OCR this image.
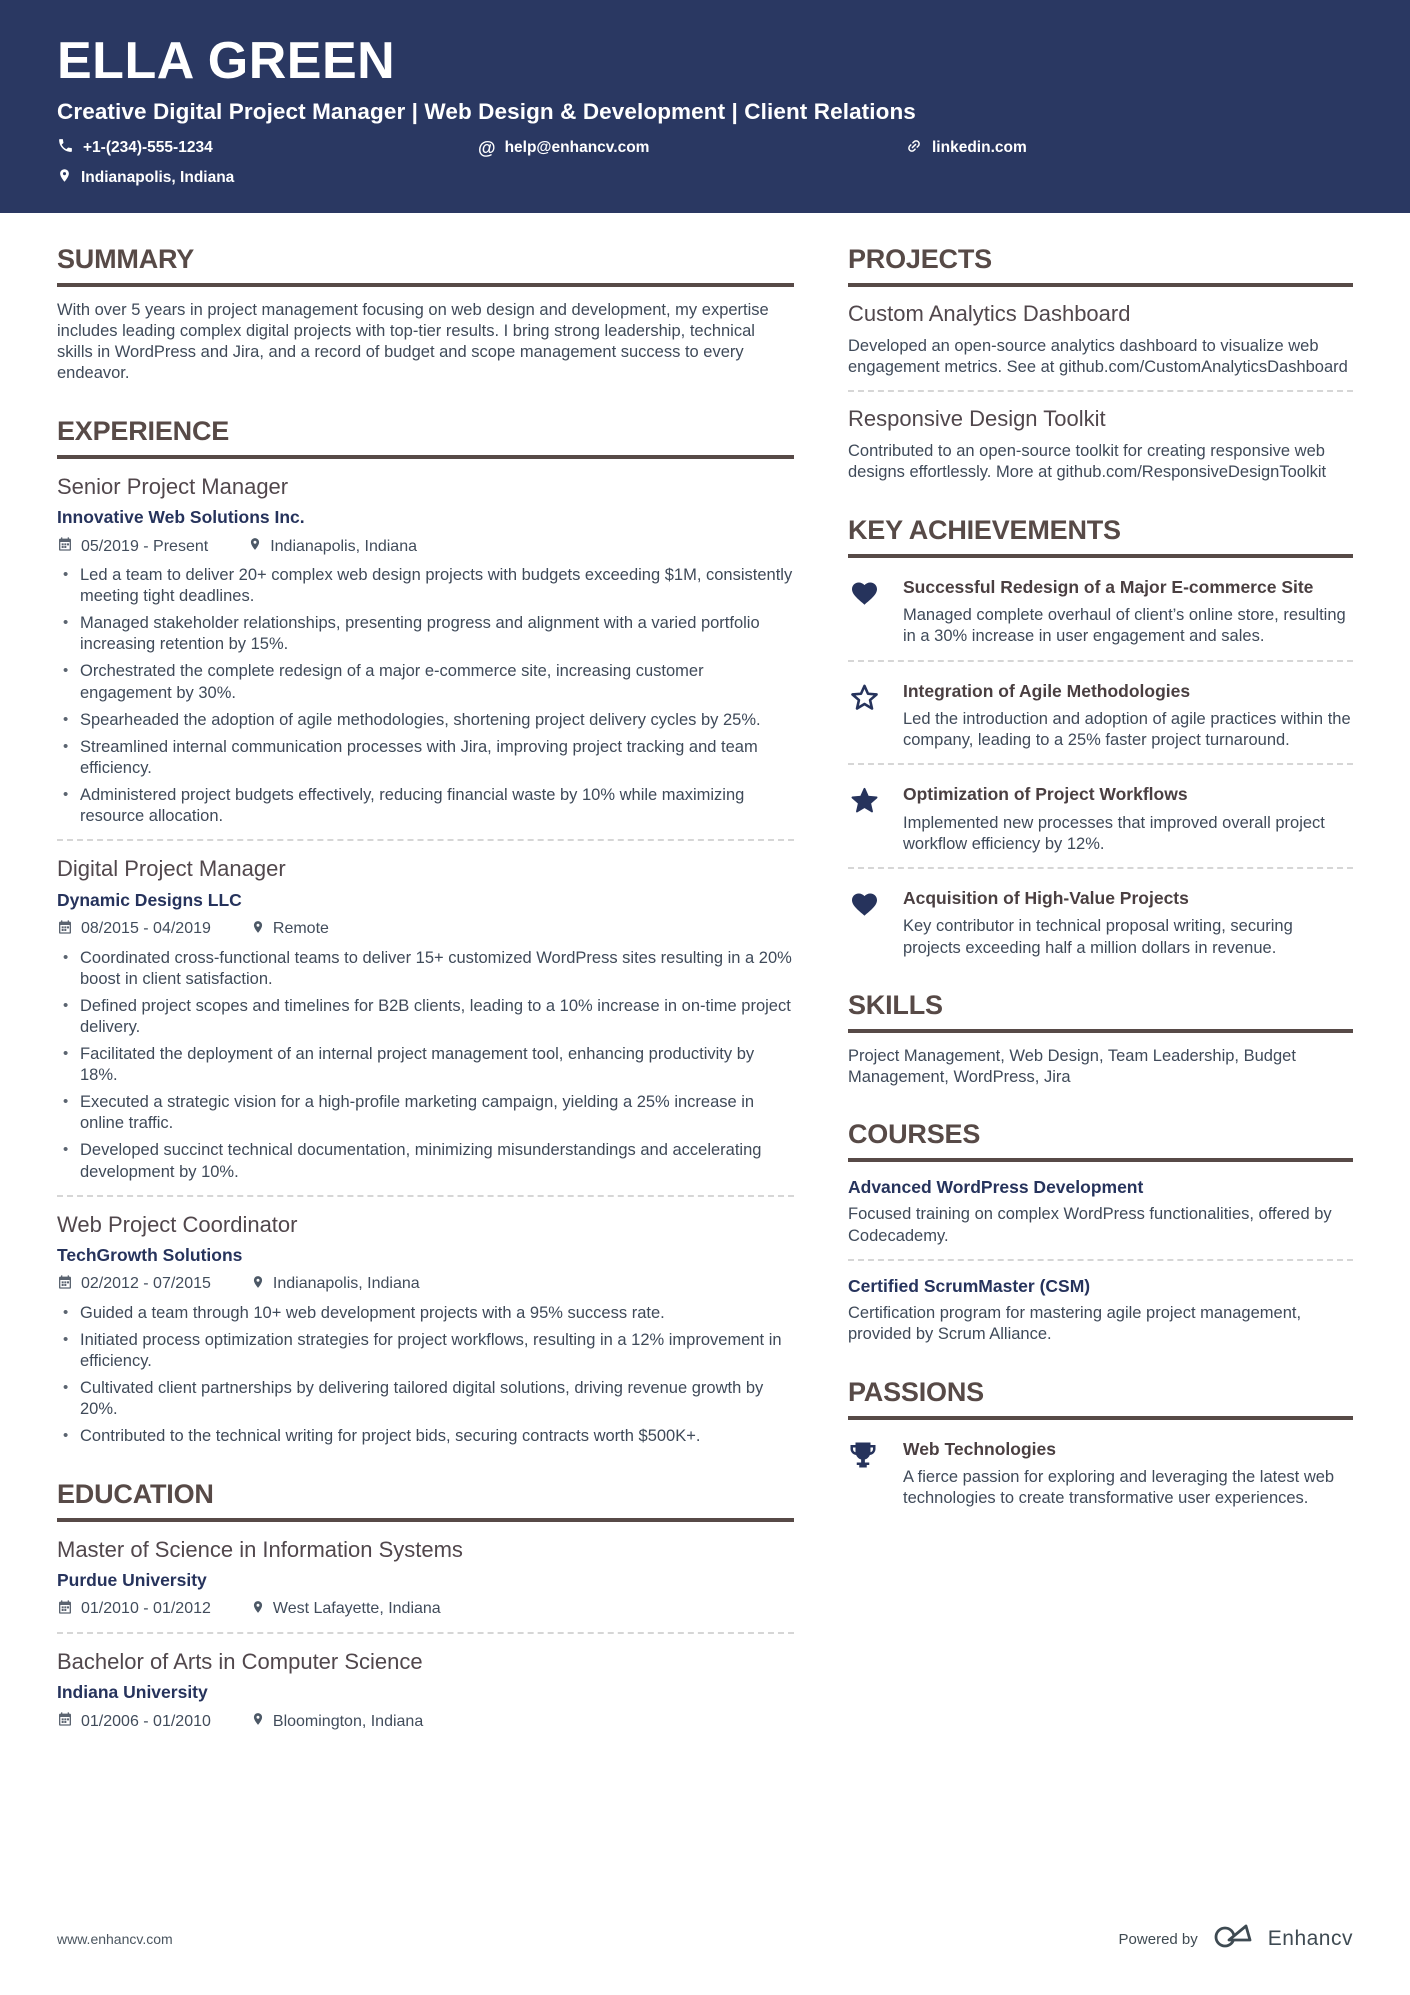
ELLA GREEN
Creative Digital Project Manager | Web Design & Development | Client Relations
+1-(234)-555-1234	@ help@enhancv.com	linkedin.com
Indianapolis, Indiana
SUMMARY

With over 5 years in project management focusing on web design and development, my expertise includes leading complex digital projects with top-tier results. I bring strong leadership, technical skills in WordPress and Jira, and a record of budget and scope management success to every endeavor.

EXPERIENCE
Senior Project Manager
Innovative Web Solutions Inc.
05/2019 - Present	Indianapolis, Indiana
• Led a team to deliver 20+ complex web design projects with budgets exceeding $1M, consistently meeting tight deadlines.
• Managed stakeholder relationships, presenting progress and alignment with a varied portfolio increasing retention by 15%.
• Orchestrated the complete redesign of a major e-commerce site, increasing customer engagement by 30%.
• Spearheaded the adoption of agile methodologies, shortening project delivery cycles by 25%.
• Streamlined internal communication processes with Jira, improving project tracking and team efficiency.
• Administered project budgets effectively, reducing financial waste by 10% while maximizing resource allocation.
Digital Project Manager
Dynamic Designs LLC
08/2015 - 04/2019	Remote
• Coordinated cross-functional teams to deliver 15+ customized WordPress sites resulting in a 20% boost in client satisfaction.
• Defined project scopes and timelines for B2B clients, leading to a 10% increase in on-time project delivery.
• Facilitated the deployment of an internal project management tool, enhancing productivity by 18%.
• Executed a strategic vision for a high-profile marketing campaign, yielding a 25% increase in online traffic.
• Developed succinct technical documentation, minimizing misunderstandings and accelerating development by 10%.
Web Project Coordinator
TechGrowth Solutions
02/2012 - 07/2015	Indianapolis, Indiana
• Guided a team through 10+ web development projects with a 95% success rate.
• Initiated process optimization strategies for project workflows, resulting in a 12% improvement in efficiency.
• Cultivated client partnerships by delivering tailored digital solutions, driving revenue growth by 20%.
• Contributed to the technical writing for project bids, securing contracts worth $500K+.
EDUCATION
Master of Science in Information Systems
Purdue University
01/2010 - 01/2012	West Lafayette, Indiana
Bachelor of Arts in Computer Science
Indiana University
01/2006 - 01/2010	Bloomington, Indiana
PROJECTS
Custom Analytics Dashboard

Developed an open-source analytics dashboard to visualize web engagement metrics. See at github.com/CustomAnalyticsDashboard

Responsive Design Toolkit

Contributed to an open-source toolkit for creating responsive web designs effortlessly. More at github.com/ResponsiveDesignToolkit

KEY ACHIEVEMENTS
Successful Redesign of a Major E-commerce Site

Managed complete overhaul of client’s online store, resulting in a 30% increase in user engagement and sales.

Integration of Agile Methodologies

Led the introduction and adoption of agile practices within the company, leading to a 25% faster project turnaround.

Optimization of Project Workflows

Implemented new processes that improved overall project workflow efficiency by 12%.

Acquisition of High-Value Projects

Key contributor in technical proposal writing, securing projects exceeding half a million dollars in revenue.

SKILLS

Project Management, Web Design, Team Leadership, Budget Management, WordPress, Jira

COURSES
Advanced WordPress Development

Focused training on complex WordPress functionalities, offered by Codecademy.

Certified ScrumMaster (CSM)

Certification program for mastering agile project management, provided by Scrum Alliance.

PASSIONS
Web Technologies

A fierce passion for exploring and leveraging the latest web technologies to create transformative user experiences.

www.enhancv.com	Powered by	Enhancv
